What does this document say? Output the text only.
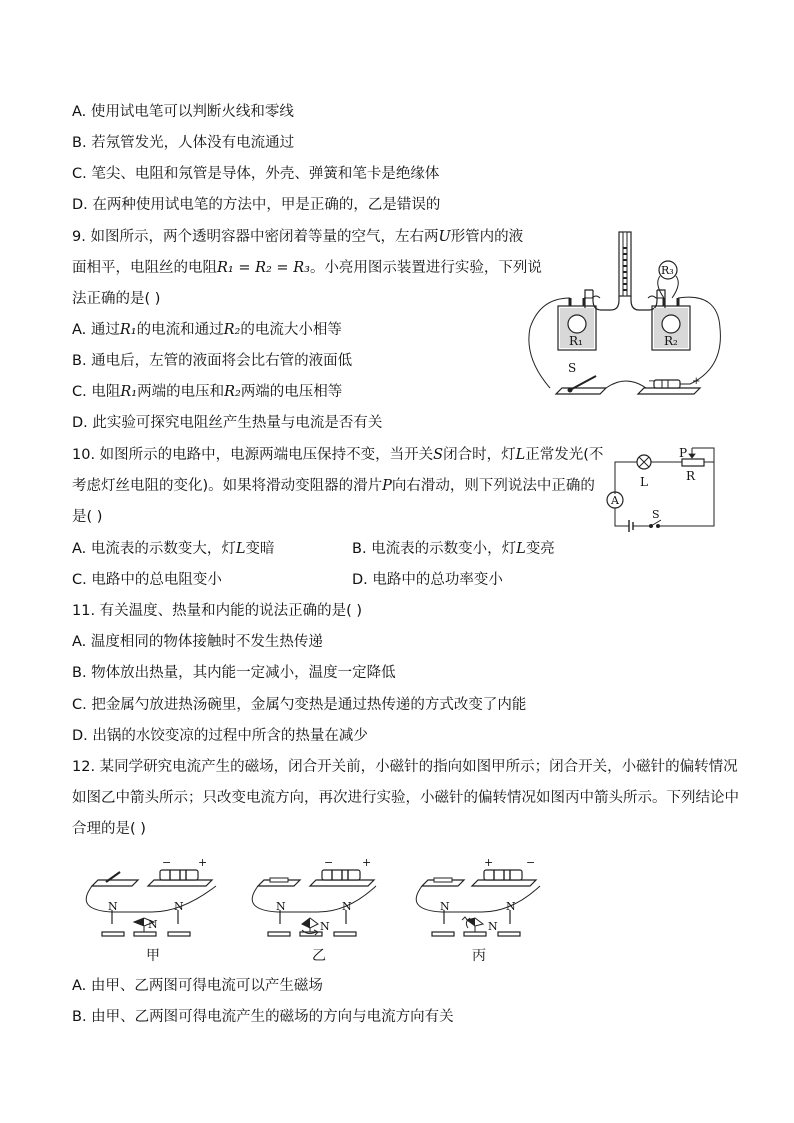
A. 使用试电笔可以判断火线和零线
B. 若氖管发光，人体没有电流通过
C. 笔尖、电阻和氖管是导体，外壳、弹簧和笔卡是绝缘体
D. 在两种使用试电笔的方法中，甲是正确的，乙是错误的
9. 如图所示，两个透明容器中密闭着等量的空气，左右两U形管内的液
面相平，电阻丝的电阻R₁ = R₂ = R₃。小亮用图示装置进行实验，下列说
法正确的是( )
A. 通过R₁的电流和通过R₂的电流大小相等
B. 通电后，左管的液面将会比右管的液面低
C. 电阻R₁两端的电压和R₂两端的电压相等
D. 此实验可探究电阻丝产生热量与电流是否有关
R₁	R₂
R₃
S
−	+
10. 如图所示的电路中，电源两端电压保持不变，当开关S闭合时，灯L正常发光(不
考虑灯丝电阻的变化)。如果将滑动变阻器的滑片P向右滑动，则下列说法中正确的
是( )
A. 电流表的示数变大，灯L变暗	B. 电流表的示数变小，灯L变亮
C. 电路中的总电阻变小	D. 电路中的总功率变小
P
L	R
A
S
11. 有关温度、热量和内能的说法正确的是( )
A. 温度相同的物体接触时不发生热传递
B. 物体放出热量，其内能一定减小，温度一定降低
C. 把金属勺放进热汤碗里，金属勺变热是通过热传递的方式改变了内能
D. 出锅的水饺变凉的过程中所含的热量在减少
12. 某同学研究电流产生的磁场，闭合开关前，小磁针的指向如图甲所示；闭合开关，小磁针的偏转情况
如图乙中箭头所示；只改变电流方向，再次进行实验，小磁针的偏转情况如图丙中箭头所示。下列结论中
合理的是( )
− +
N	N
N
−	+
N	N
N
+	−
N	N
N
甲	乙	丙
A. 由甲、乙两图可得电流可以产生磁场
B. 由甲、乙两图可得电流产生的磁场的方向与电流方向有关
